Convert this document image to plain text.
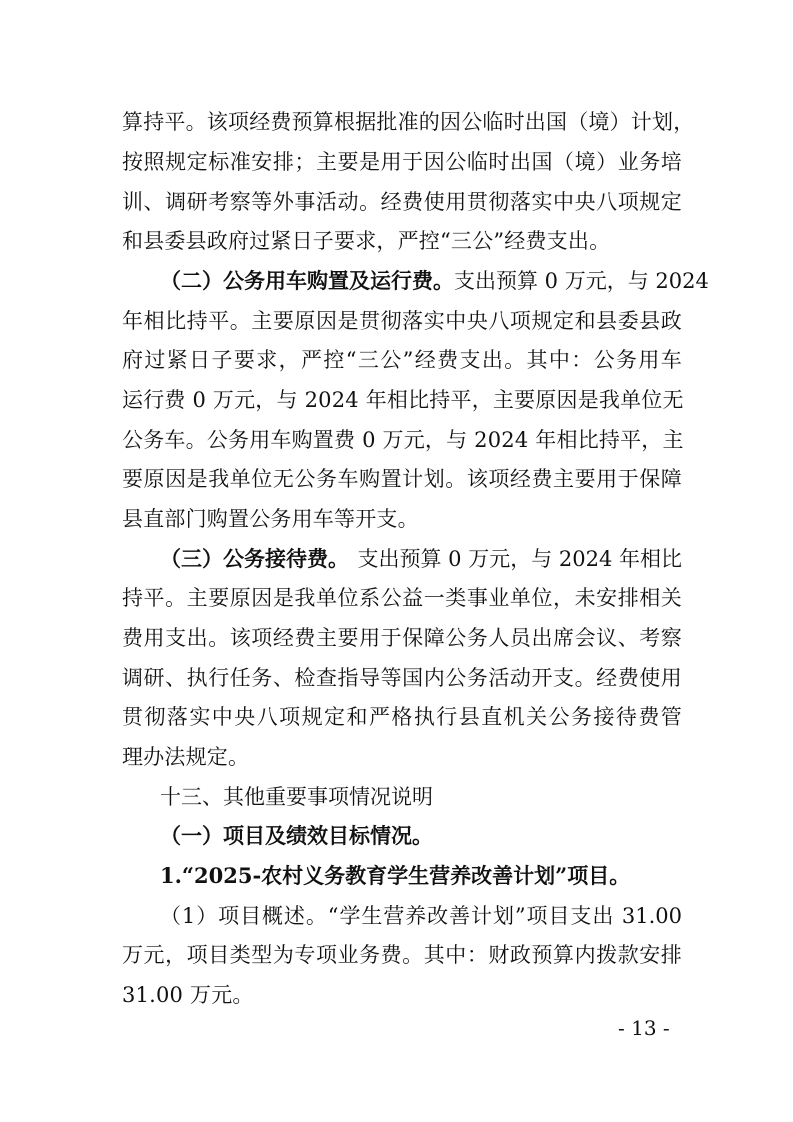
算持平。该项经费预算根据批准的因公临时出国（境）计划，
按照规定标准安排；主要是用于因公临时出国（境）业务培
训、调研考察等外事活动。经费使用贯彻落实中央八项规定
和县委县政府过紧日子要求，严控“三公”经费支出。
（二）公务用车购置及运行费。 支出预算 0 万元，与 2024
年相比持平。主要原因是贯彻落实中央八项规定和县委县政
府过紧日子要求，严控“三公”经费支出。其中：公务用车
运行费 0 万元，与 2024 年相比持平，主要原因是我单位无
公务车。公务用车购置费 0 万元，与 2024 年相比持平，主
要原因是我单位无公务车购置计划。该项经费主要用于保障
县直部门购置公务用车等开支。
（三）公务接待费。 支出预算 0 万元，与 2024 年相比
持平。主要原因是我单位系公益一类事业单位，未安排相关
费用支出。该项经费主要用于保障公务人员出席会议、考察
调研、执行任务、检查指导等国内公务活动开支。经费使用
贯彻落实中央八项规定和严格执行县直机关公务接待费管
理办法规定。
十三、其他重要事项情况说明
（一）项目及绩效目标情况。
1.“2025-农村义务教育学生营养改善计划”项目。
（1）项目概述。“学生营养改善计划”项目支出 31.00
万元，项目类型为专项业务费。其中：财政预算内拨款安排
31.00 万元。
- 13 -
